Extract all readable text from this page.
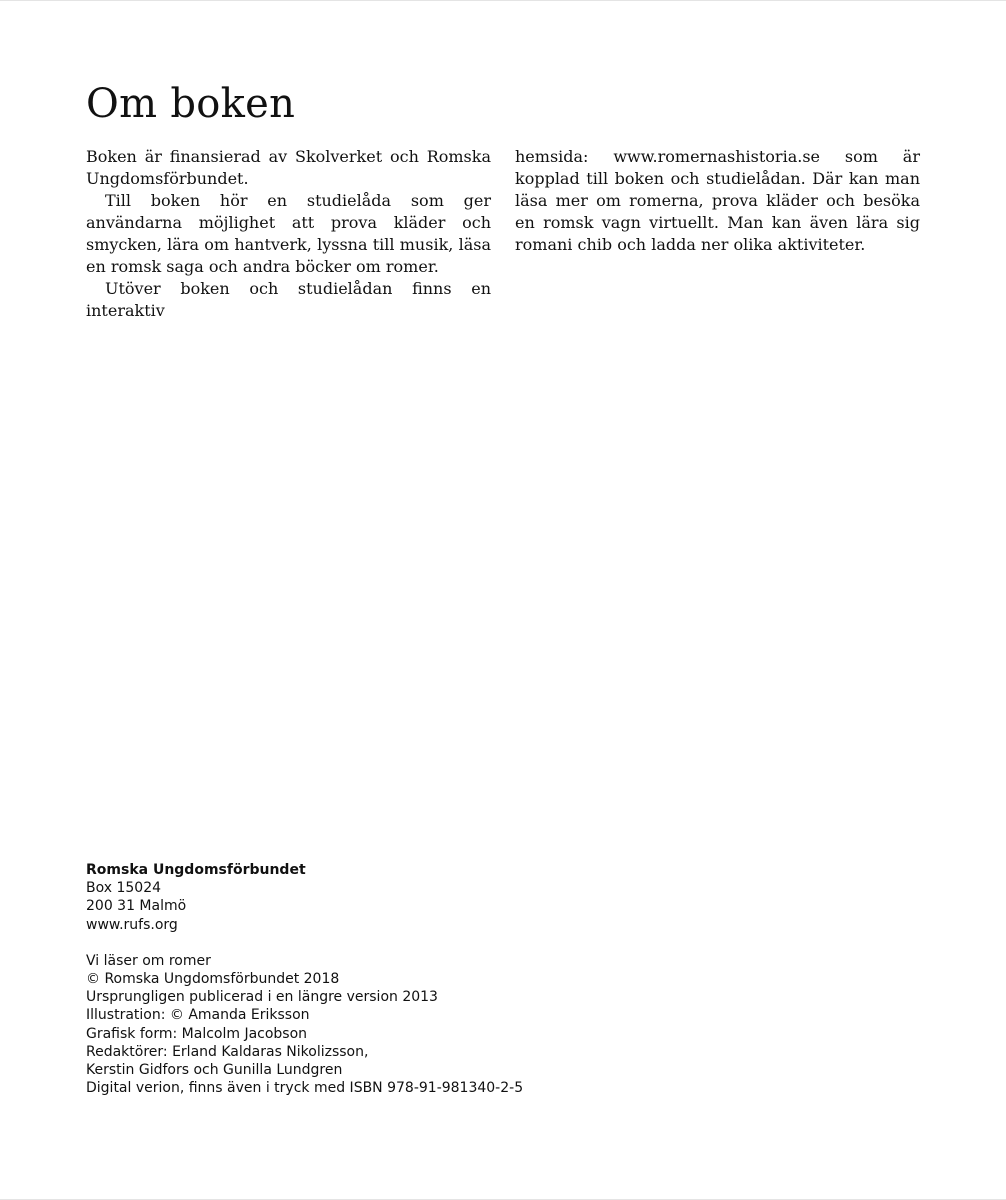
Om boken

Boken är finansierad av Skolverket och Romska Ungdomsförbundet.

Till boken hör en studielåda som ger användarna möjlighet att prova kläder och smycken, lära om hantverk, lyssna till musik, läsa en romsk saga och andra böcker om romer.

Utöver boken och studielådan finns en interaktiv

hemsida: www.romernashistoria.se som är kopplad till boken och studielådan. Där kan man läsa mer om romerna, prova kläder och besöka en romsk vagn virtuellt. Man kan även lära sig romani chib och ladda ner olika aktiviteter.

Romska Ungdomsförbundet
Box 15024
200 31 Malmö
www.rufs.org
Vi läser om romer
© Romska Ungdomsförbundet 2018
Ursprungligen publicerad i en längre version 2013
Illustration: © Amanda Eriksson
Grafisk form: Malcolm Jacobson
Redaktörer: Erland Kaldaras Nikolizsson,
Kerstin Gidfors och Gunilla Lundgren
Digital verion, finns även i tryck med ISBN 978-91-981340-2-5
